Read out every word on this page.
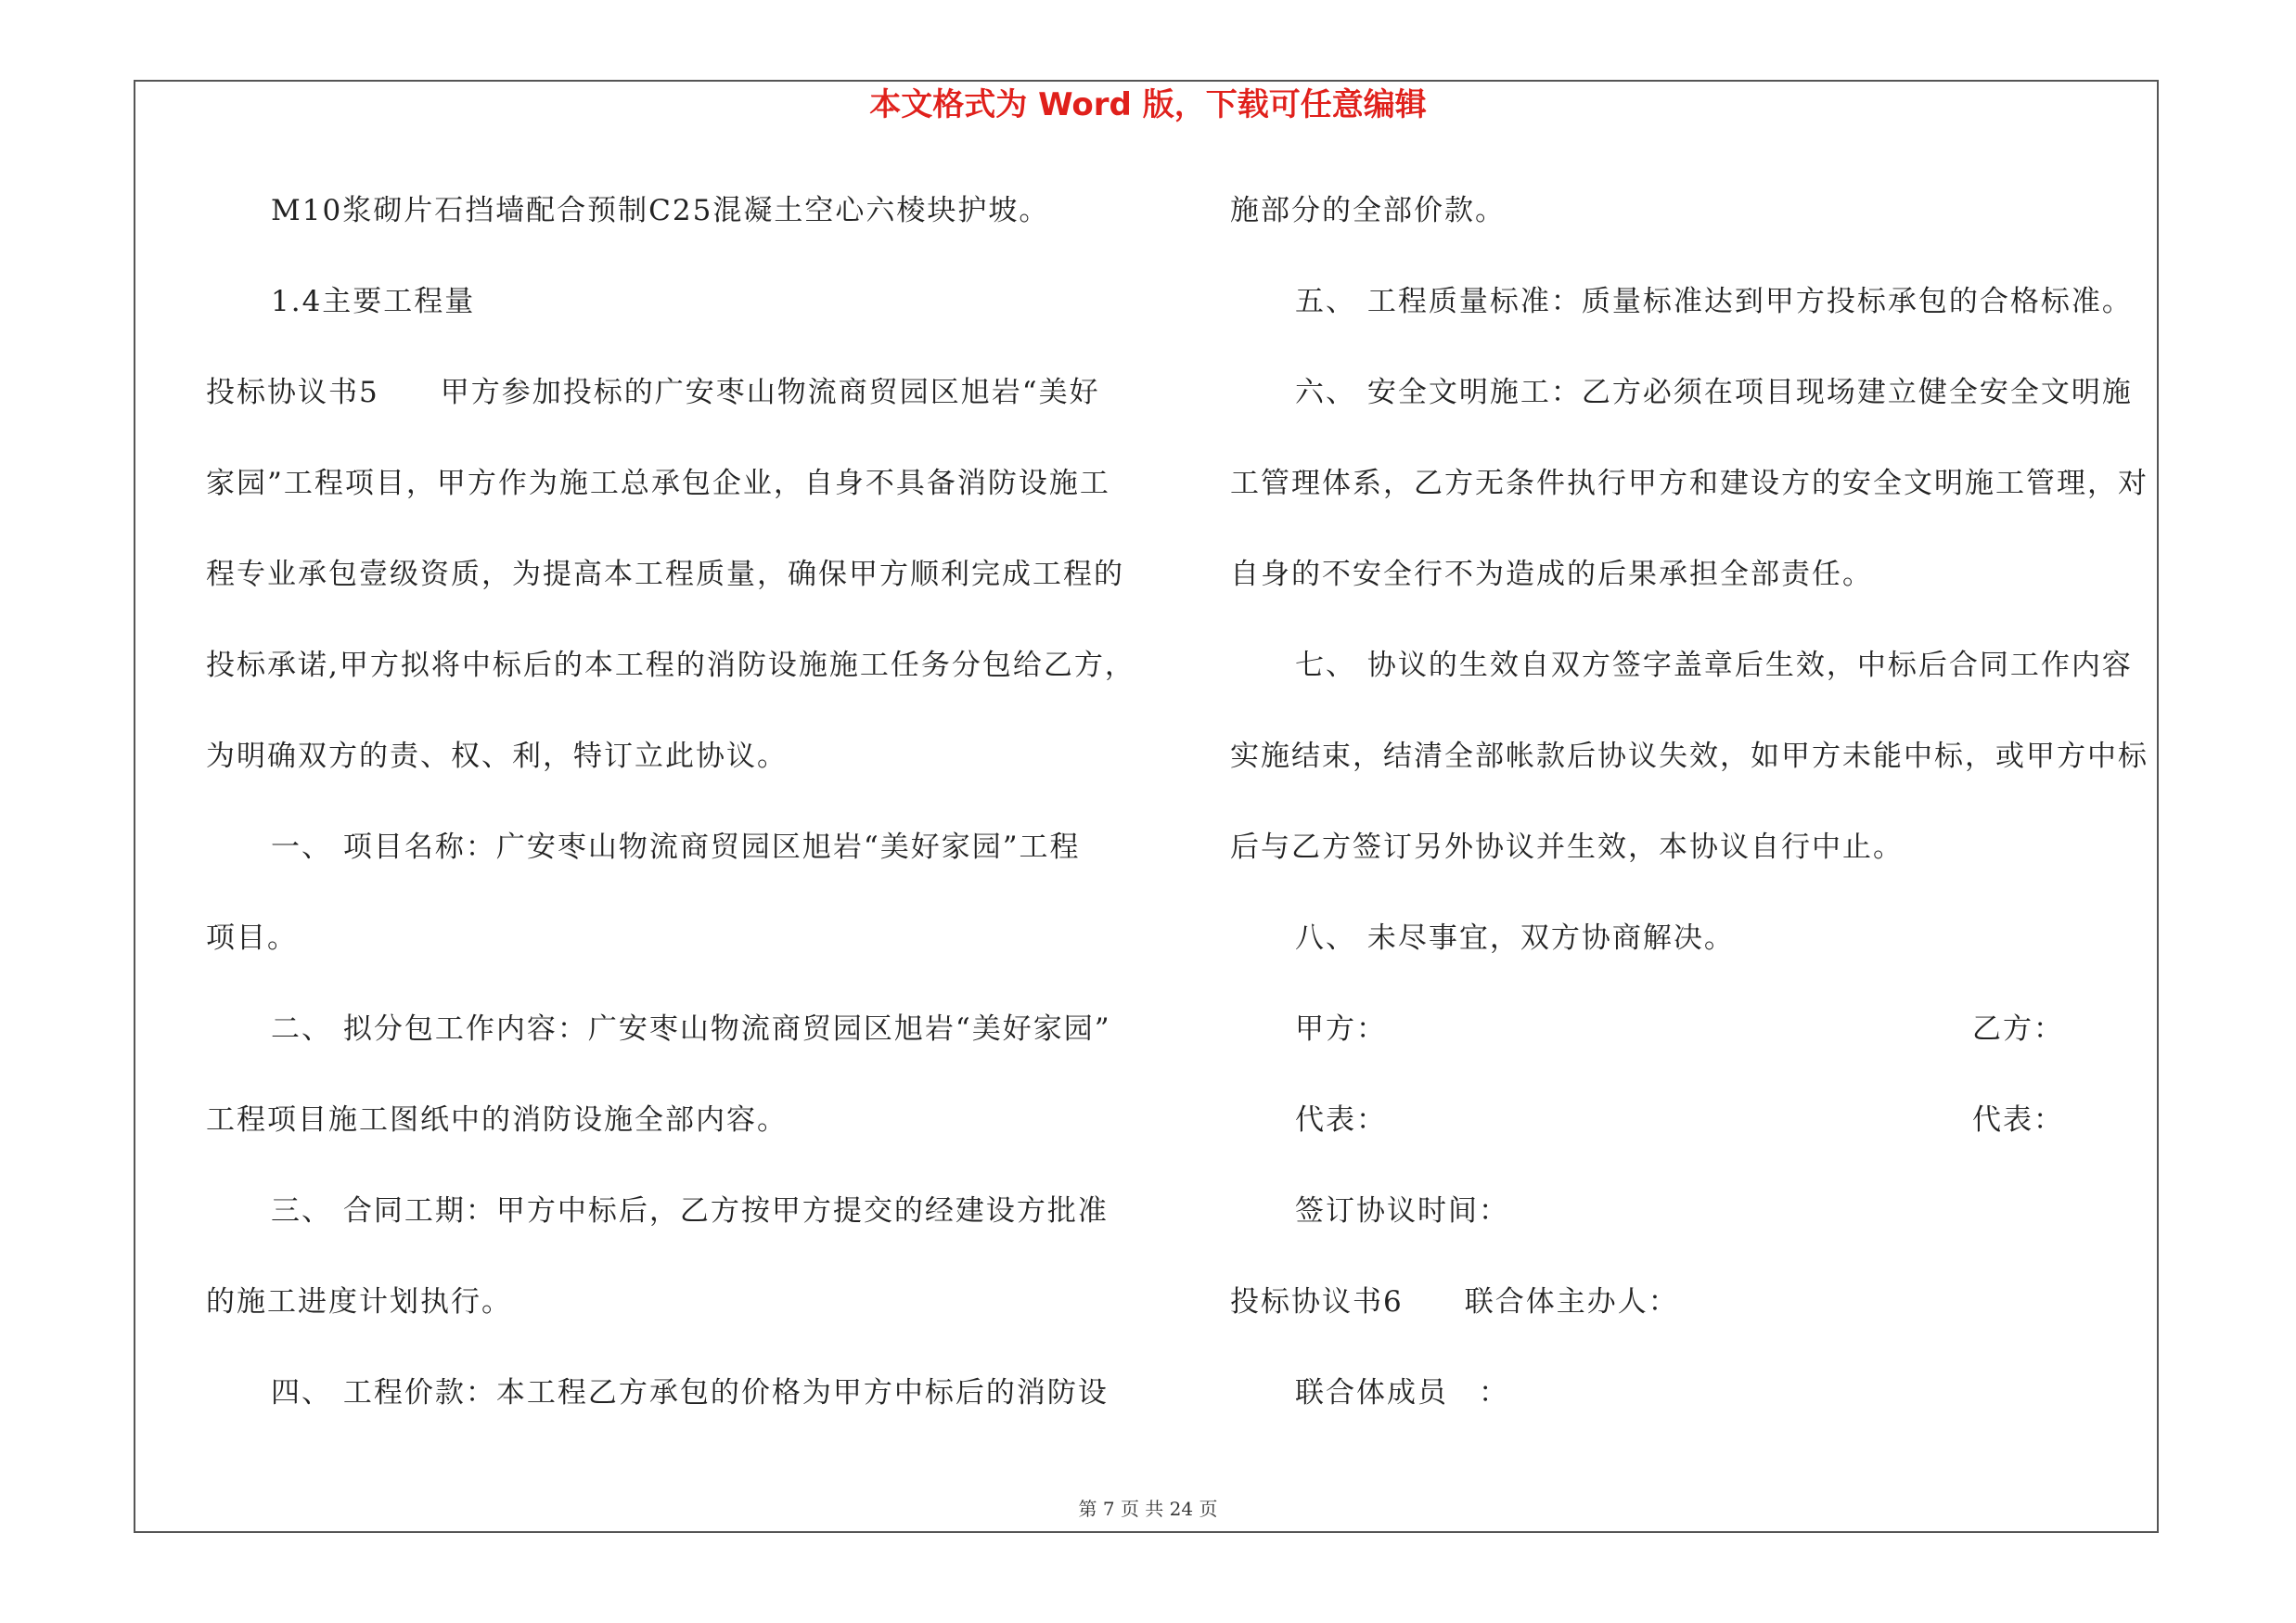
本文格式为 Word 版，下载可任意编辑
M10浆砌片石挡墙配合预制C25混凝土空心六棱块护坡。
1.4主要工程量
投标协议书5　　甲方参加投标的广安枣山物流商贸园区旭岩“美好
家园”工程项目，甲方作为施工总承包企业，自身不具备消防设施工
程专业承包壹级资质，为提高本工程质量，确保甲方顺利完成工程的
投标承诺,甲方拟将中标后的本工程的消防设施施工任务分包给乙方，
为明确双方的责、权、利，特订立此协议。
一、 项目名称：广安枣山物流商贸园区旭岩“美好家园”工程
项目。
二、 拟分包工作内容：广安枣山物流商贸园区旭岩“美好家园”
工程项目施工图纸中的消防设施全部内容。
三、 合同工期：甲方中标后，乙方按甲方提交的经建设方批准
的施工进度计划执行。
四、 工程价款：本工程乙方承包的价格为甲方中标后的消防设
施部分的全部价款。
五、 工程质量标准：质量标准达到甲方投标承包的合格标准。
六、 安全文明施工：乙方必须在项目现场建立健全安全文明施
工管理体系，乙方无条件执行甲方和建设方的安全文明施工管理，对
自身的不安全行不为造成的后果承担全部责任。
七、 协议的生效自双方签字盖章后生效，中标后合同工作内容
实施结束，结清全部帐款后协议失效，如甲方未能中标，或甲方中标
后与乙方签订另外协议并生效，本协议自行中止。
八、 未尽事宜，双方协商解决。
甲方：	乙方：
代表：	代表：
签订协议时间：
投标协议书6　　联合体主办人：
联合体成员　：
第 7 页 共 24 页
